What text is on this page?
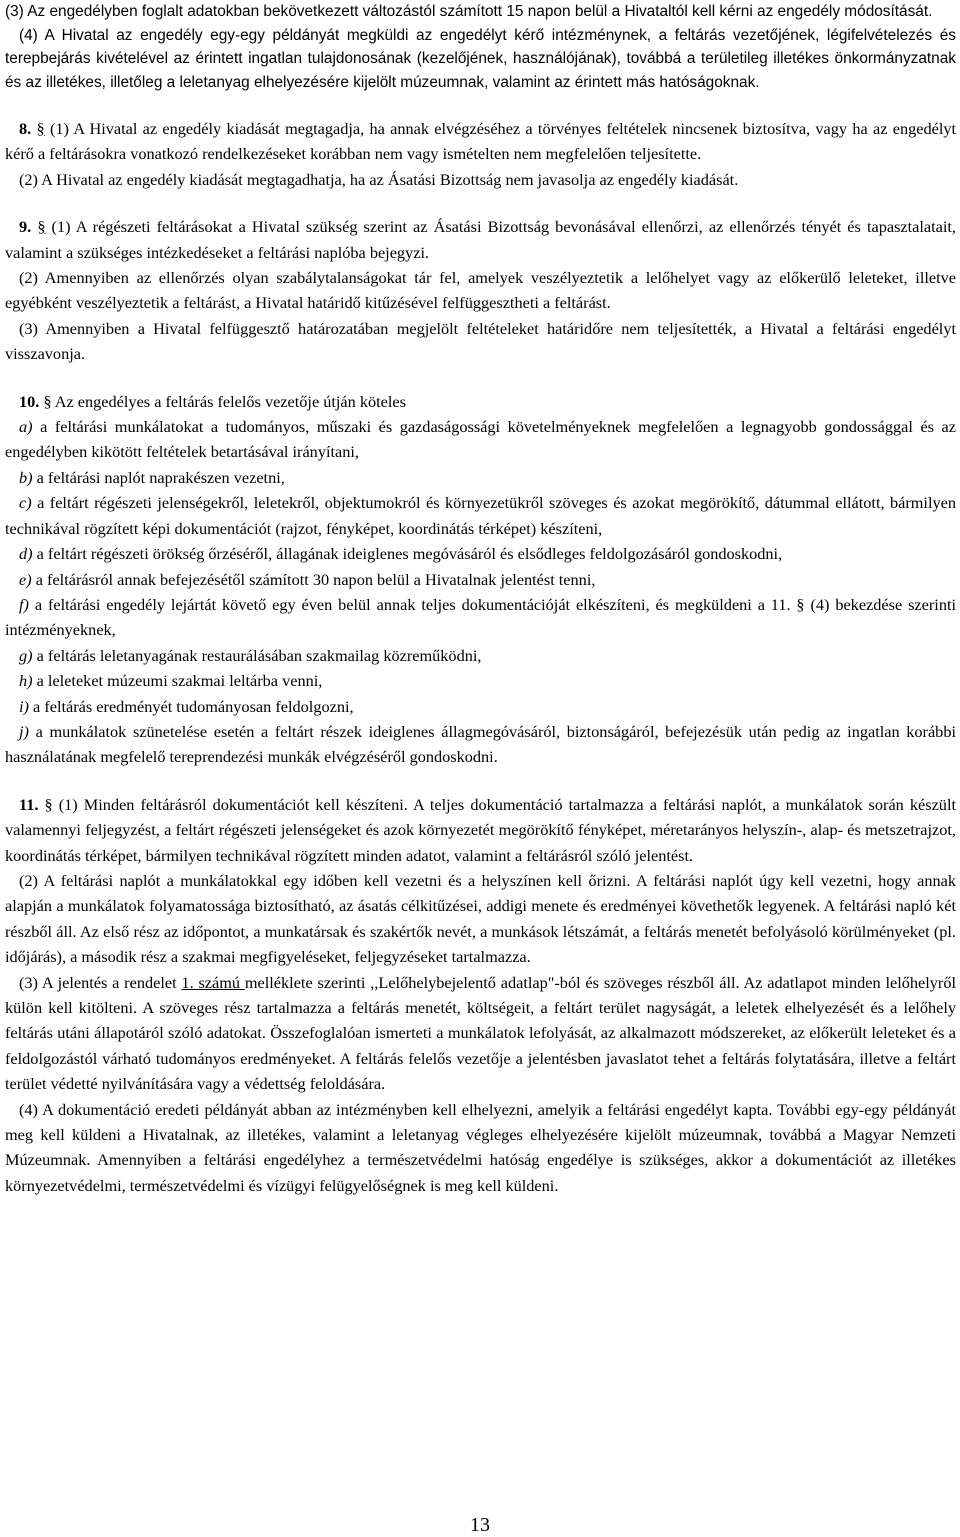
(3) Az engedélyben foglalt adatokban bekövetkezett változástól számított 15 napon belül a Hivataltól kell kérni az engedély módosítását.

(4) A Hivatal az engedély egy-egy példányát megküldi az engedélyt kérő intézménynek, a feltárás vezetőjének, légifelvételezés és terepbejárás kivételével az érintett ingatlan tulajdonosának (kezelőjének, használójának), továbbá a területileg illetékes önkormányzatnak és az illetékes, illetőleg a leletanyag elhelyezésére kijelölt múzeumnak, valamint az érintett más hatóságoknak.

8. § (1) A Hivatal az engedély kiadását megtagadja, ha annak elvégzéséhez a törvényes feltételek nincsenek biztosítva, vagy ha az engedélyt kérő a feltárásokra vonatkozó rendelkezéseket korábban nem vagy ismételten nem megfelelően teljesítette.

(2) A Hivatal az engedély kiadását megtagadhatja, ha az Ásatási Bizottság nem javasolja az engedély kiadását.

9. § (1) A régészeti feltárásokat a Hivatal szükség szerint az Ásatási Bizottság bevonásával ellenőrzi, az ellenőrzés tényét és tapasztalatait, valamint a szükséges intézkedéseket a feltárási naplóba bejegyzi.

(2) Amennyiben az ellenőrzés olyan szabálytalanságokat tár fel, amelyek veszélyeztetik a lelőhelyet vagy az előkerülő leleteket, illetve egyébként veszélyeztetik a feltárást, a Hivatal határidő kitűzésével felfüggesztheti a feltárást.

(3) Amennyiben a Hivatal felfüggesztő határozatában megjelölt feltételeket határidőre nem teljesítették, a Hivatal a feltárási engedélyt visszavonja.

10. § Az engedélyes a feltárás felelős vezetője útján köteles

a) a feltárási munkálatokat a tudományos, műszaki és gazdaságossági követelményeknek megfelelően a legnagyobb gondossággal és az engedélyben kikötött feltételek betartásával irányítani,

b) a feltárási naplót naprakészen vezetni,

c) a feltárt régészeti jelenségekről, leletekről, objektumokról és környezetükről szöveges és azokat megörökítő, dátummal ellátott, bármilyen technikával rögzített képi dokumentációt (rajzot, fényképet, koordinátás térképet) készíteni,

d) a feltárt régészeti örökség őrzéséről, állagának ideiglenes megóvásáról és elsődleges feldolgozásáról gondoskodni,

e) a feltárásról annak befejezésétől számított 30 napon belül a Hivatalnak jelentést tenni,

f) a feltárási engedély lejártát követő egy éven belül annak teljes dokumentációját elkészíteni, és megküldeni a 11. § (4) bekezdése szerinti intézményeknek,

g) a feltárás leletanyagának restaurálásában szakmailag közreműködni,

h) a leleteket múzeumi szakmai leltárba venni,

i) a feltárás eredményét tudományosan feldolgozni,

j) a munkálatok szünetelése esetén a feltárt részek ideiglenes állagmegóvásáról, biztonságáról, befejezésük után pedig az ingatlan korábbi használatának megfelelő tereprendezési munkák elvégzéséről gondoskodni.

11. § (1) Minden feltárásról dokumentációt kell készíteni. A teljes dokumentáció tartalmazza a feltárási naplót, a munkálatok során készült valamennyi feljegyzést, a feltárt régészeti jelenségeket és azok környezetét megörökítő fényképet, méretarányos helyszín-, alap- és metszetrajzot, koordinátás térképet, bármilyen technikával rögzített minden adatot, valamint a feltárásról szóló jelentést.

(2) A feltárási naplót a munkálatokkal egy időben kell vezetni és a helyszínen kell őrizni. A feltárási naplót úgy kell vezetni, hogy annak alapján a munkálatok folyamatossága biztosítható, az ásatás célkitűzései, addigi menete és eredményei követhetők legyenek. A feltárási napló két részből áll. Az első rész az időpontot, a munkatársak és szakértők nevét, a munkások létszámát, a feltárás menetét befolyásoló körülményeket (pl. időjárás), a második rész a szakmai megfigyeléseket, feljegyzéseket tartalmazza.

(3) A jelentés a rendelet 1. számú melléklete szerinti ,,Lelőhelybejelentő adatlap"-ból és szöveges részből áll. Az adatlapot minden lelőhelyről külön kell kitölteni. A szöveges rész tartalmazza a feltárás menetét, költségeit, a feltárt terület nagyságát, a leletek elhelyezését és a lelőhely feltárás utáni állapotáról szóló adatokat. Összefoglalóan ismerteti a munkálatok lefolyását, az alkalmazott módszereket, az előkerült leleteket és a feldolgozástól várható tudományos eredményeket. A feltárás felelős vezetője a jelentésben javaslatot tehet a feltárás folytatására, illetve a feltárt terület védetté nyilvánítására vagy a védettség feloldására.

(4) A dokumentáció eredeti példányát abban az intézményben kell elhelyezni, amelyik a feltárási engedélyt kapta. További egy-egy példányát meg kell küldeni a Hivatalnak, az illetékes, valamint a leletanyag végleges elhelyezésére kijelölt múzeumnak, továbbá a Magyar Nemzeti Múzeumnak. Amennyiben a feltárási engedélyhez a természetvédelmi hatóság engedélye is szükséges, akkor a dokumentációt az illetékes környezetvédelmi, természetvédelmi és vízügyi felügyelőségnek is meg kell küldeni.

13
